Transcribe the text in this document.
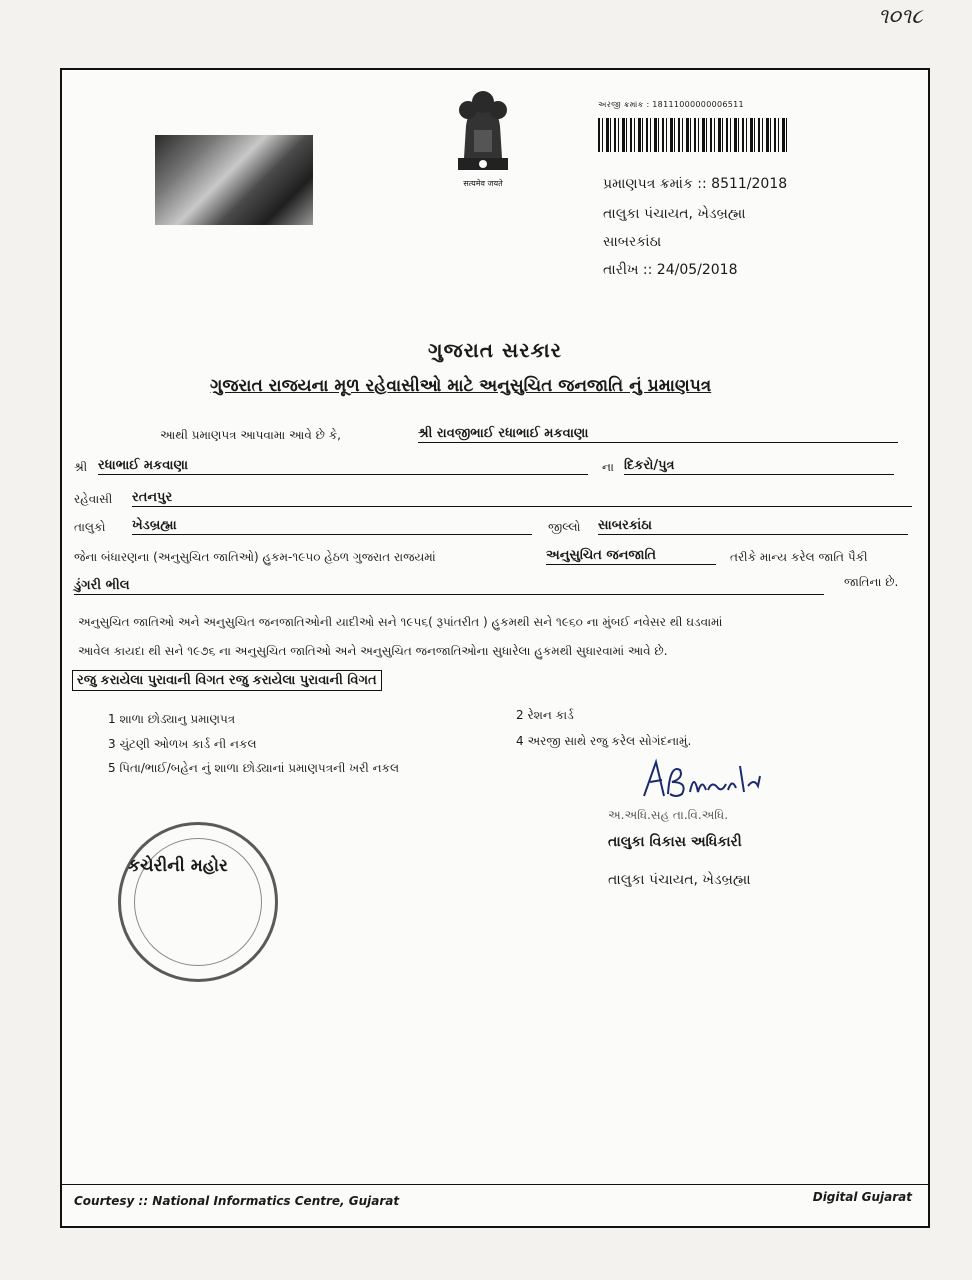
૧૦૧૮
सत्यमेव जयते
અરજી ક્રમાંક : 18111000000006511
પ્રમાણપત્ર ક્રમાંક :: 8511/2018
તાલુકા પંચાયત, ખેડબ્રહ્મા
સાબરકાંઠા
તારીખ :: 24/05/2018
ગુજરાત સરકાર
ગુજરાત રાજયના મૂળ રહેવાસીઓ માટે અનુસુચિત જનજાતિ નું પ્રમાણપત્ર
આથી પ્રમાણપત્ર આપવામા આવે છે કે,	શ્રી રાવજીભાઈ રધાભાઈ મકવાણા
શ્રી રધાભાઈ મકવાણા	ના દિકરો/પુત્ર
રહેવાસી રતનપુર
તાલુકો ખેડબ્રહ્મા	જીલ્લો સાબરકાંઠા
જેના બંધારણના (અનુસુચિત જાતિઓ) હુકમ-૧૯૫૦ હેઠળ ગુજરાત રાજયમાં	અનુસુચિત જનજાતિ	તરીકે માન્ય કરેલ જાતિ પૈકી
ડુંગરી ભીલ	જાતિના છે.
અનુસુચિત જાતિઓ અને અનુસુચિત જનજાતિઓની યાદીઓ સને ૧૯૫૬( રૂપાંતરીત ) હુકમથી સને ૧૯૬૦ ના મુંબઈ નવેસર થી ઘડવામાં
આવેલ કાયદા થી સને ૧૯૭૬ ના અનુસુચિત જાતિઓ અને અનુસુચિત જનજાતિઓના સુધારેલા હુકમથી સુધારવામાં આવે છે.
રજુ કરાયેલા પુરાવાની વિગત રજુ કરાયેલા પુરાવાની વિગત
1 શાળા છોડ્યાનુ પ્રમાણપત્ર	2 રેશન કાર્ડ
3 ચુંટણી ઓળખ કાર્ડ ની નકલ	4 અરજી સાથે રજુ કરેલ સોગંદનામું.
5 પિતા/ભાઈ/બહેન નું શાળા છોડ્યાનાં પ્રમાણપત્રની ખરી નકલ
અ.અધિ.સહ તા.વિ.અધિ.
તાલુકા વિકાસ અધિકારી
તાલુકા પંચાયત, ખેડબ્રહ્મા
કચેરીની મહોર
Courtesy :: National Informatics Centre, Gujarat	Digital Gujarat
